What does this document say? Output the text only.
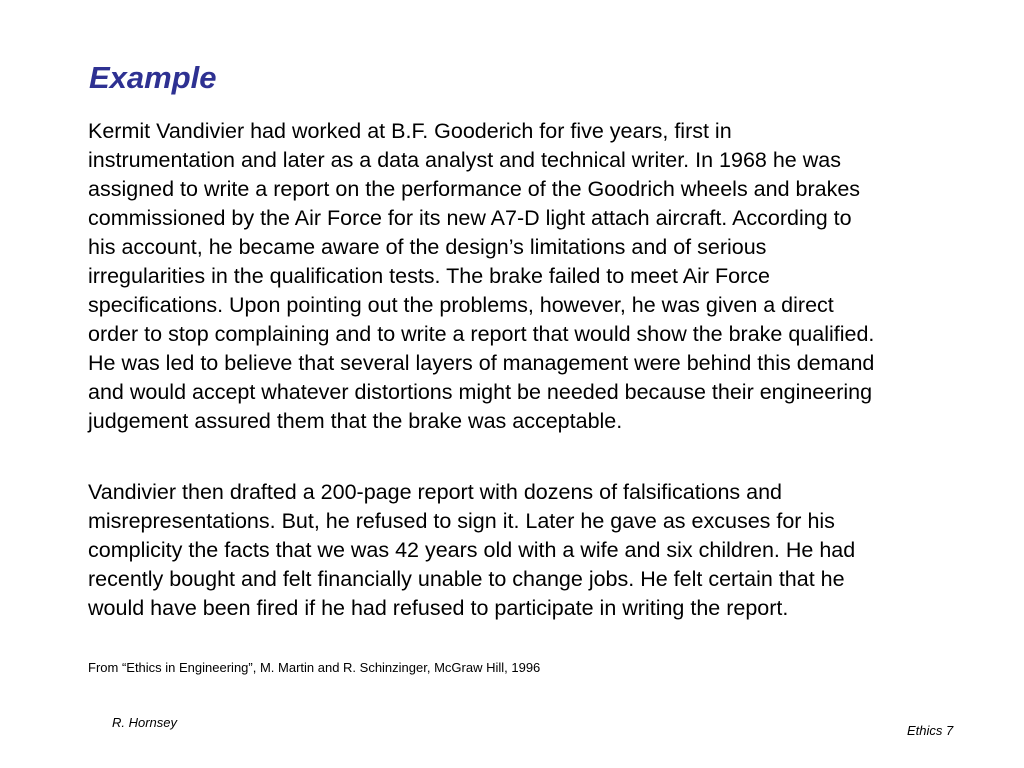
Example

Kermit Vandivier had worked at B.F. Gooderich for five years, first in
instrumentation and later as a data analyst and technical writer. In 1968 he was
assigned to write a report on the performance of the Goodrich wheels and brakes
commissioned by the Air Force for its new A7-D light attach aircraft. According to
his account, he became aware of the design’s limitations and of serious
irregularities in the qualification tests. The brake failed to meet Air Force
specifications. Upon pointing out the problems, however, he was given a direct
order to stop complaining and to write a report that would show the brake qualified.
He was led to believe that several layers of management were behind this demand
and would accept whatever distortions might be needed because their engineering
judgement assured them that the brake was acceptable.

Vandivier then drafted a 200-page report with dozens of falsifications and
misrepresentations. But, he refused to sign it. Later he gave as excuses for his
complicity the facts that we was 42 years old with a wife and six children. He had
recently bought and felt financially unable to change jobs. He felt certain that he
would have been fired if he had refused to participate in writing the report.

From “Ethics in Engineering”, M. Martin and R. Schinzinger, McGraw Hill, 1996

R. Hornsey

Ethics 7
